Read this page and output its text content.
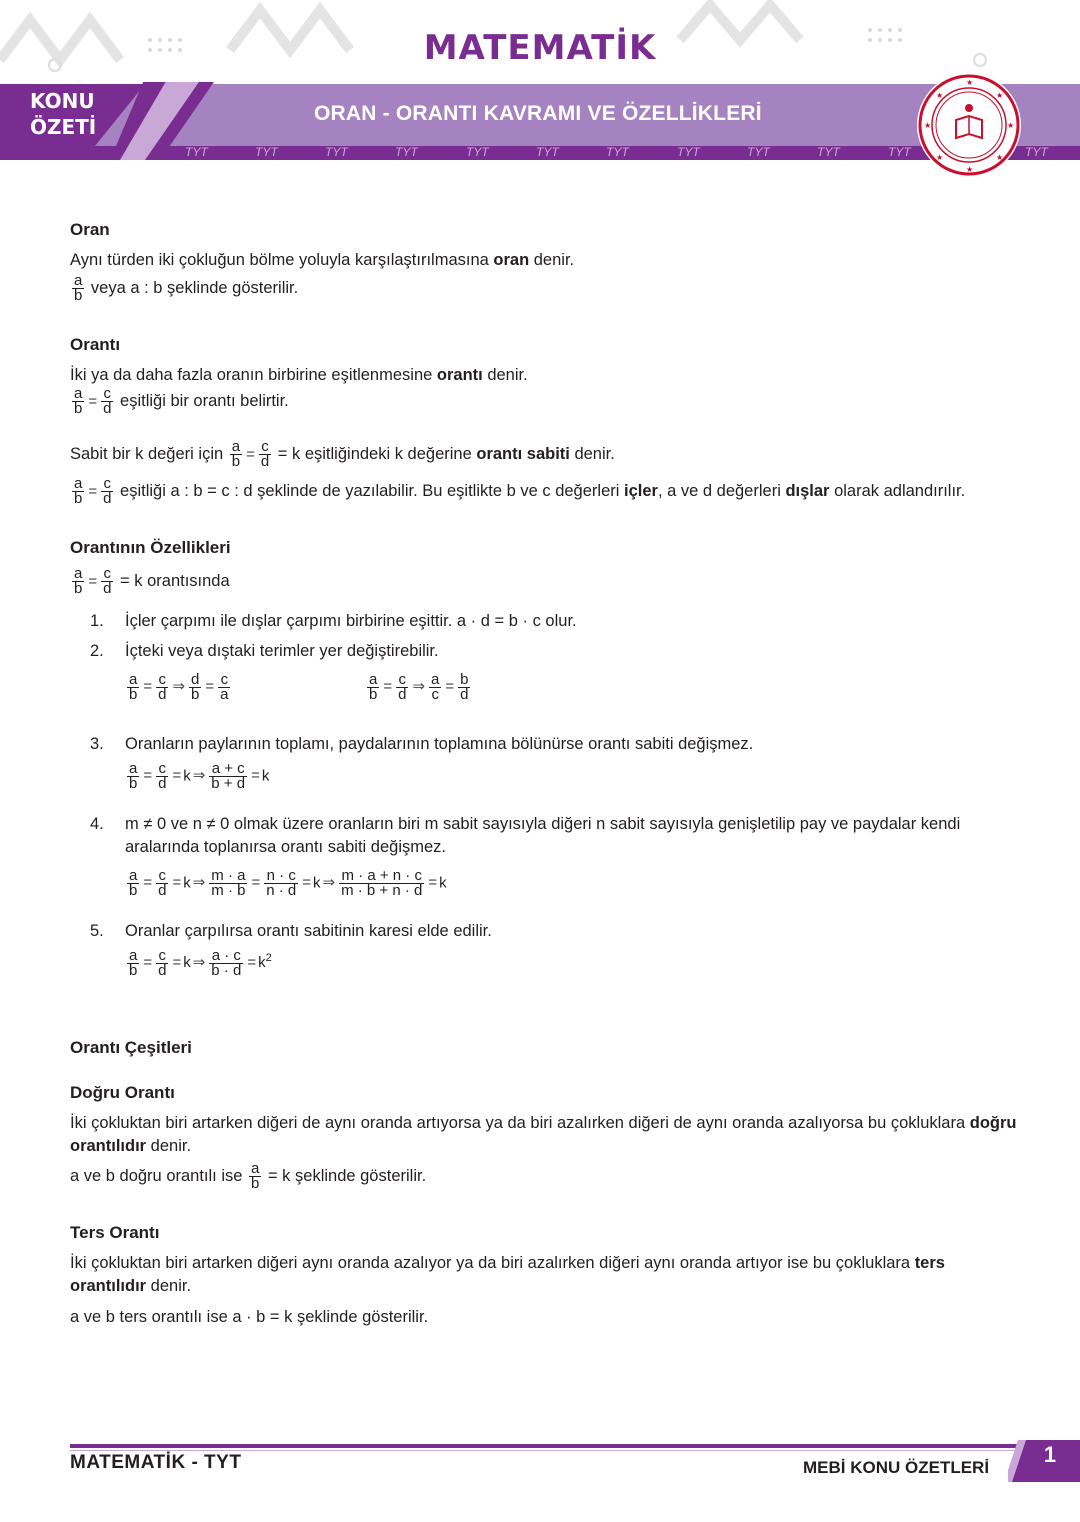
MATEMATİK
KONU
ÖZETİ
ORAN - ORANTI KAVRAMI VE ÖZELLİKLERİ
TYT	TYT	TYT	TYT	TYT	TYT	TYT	TYT	TYT	TYT	TYT	TYT
★
★
★	★
★	★
★	★

Oran

Aynı türden iki çokluğun bölme yoluyla karşılaştırılmasına oran denir.

$\frac{a}{b}$ veya a : b şeklinde gösterilir.

Orantı

İki ya da daha fazla oranın birbirine eşitlenmesine orantı denir.

$\frac{a}{b} = \frac{c}{d}$ eşitliği bir orantı belirtir.

Sabit bir k değeri için $\frac{a}{b} = \frac{c}{d} = k$ eşitliğindeki k değerine orantı sabiti denir.

$\frac{a}{b} = \frac{c}{d}$ eşitliği a : b = c : d şeklinde de yazılabilir. Bu eşitlikte b ve c değerleri içler, a ve d değerleri dışlar olarak adlandırılır.

Orantının Özellikleri

$\frac{a}{b} = \frac{c}{d} = k$ orantısında

1. İçler çarpımı ile dışlar çarpımı birbirine eşittir. a · d = b · c olur.
2. İçteki veya dıştaki terimler yer değiştirebilir.
$\frac{a}{b} = \frac{c}{d}$ ⇒ $\frac{d}{b} = \frac{c}{a}$	$\frac{a}{b} = \frac{c}{d}$ ⇒ $\frac{a}{c} = \frac{b}{d}$
3. Oranların paylarının toplamı, paydalarının toplamına bölünürse orantı sabiti değişmez.
$\frac{a}{b} = \frac{c}{d} = k$ ⇒ $\frac{a + c}{b + d} = k$
4. m ≠ 0 ve n ≠ 0 olmak üzere oranların biri m sabit sayısıyla diğeri n sabit sayısıyla genişletilip pay ve paydalar kendi aralarında toplanırsa orantı sabiti değişmez.
$\frac{a}{b} = \frac{c}{d} = k$ ⇒ $\frac{m \cdot a}{m \cdot b} = \frac{n \cdot c}{n \cdot d} = k$ ⇒ $\frac{m \cdot a + n \cdot c}{m \cdot b + n \cdot d} = k$
5. Oranlar çarpılırsa orantı sabitinin karesi elde edilir.
$\frac{a}{b} = \frac{c}{d} = k$ ⇒ $\frac{a \cdot c}{b \cdot d} = k^2$

Orantı Çeşitleri

Doğru Orantı

İki çokluktan biri artarken diğeri de aynı oranda artıyorsa ya da biri azalırken diğeri de aynı oranda azalıyorsa bu çokluklara doğru orantılıdır denir.

a ve b doğru orantılı ise $\frac{a}{b} = k$ şeklinde gösterilir.

Ters Orantı

İki çokluktan biri artarken diğeri aynı oranda azalıyor ya da biri azalırken diğeri aynı oranda artıyor ise bu çokluklara ters orantılıdır denir.

a ve b ters orantılı ise a · b = k şeklinde gösterilir.

MATEMATİK - TYT	MEBİ KONU ÖZETLERİ
1
